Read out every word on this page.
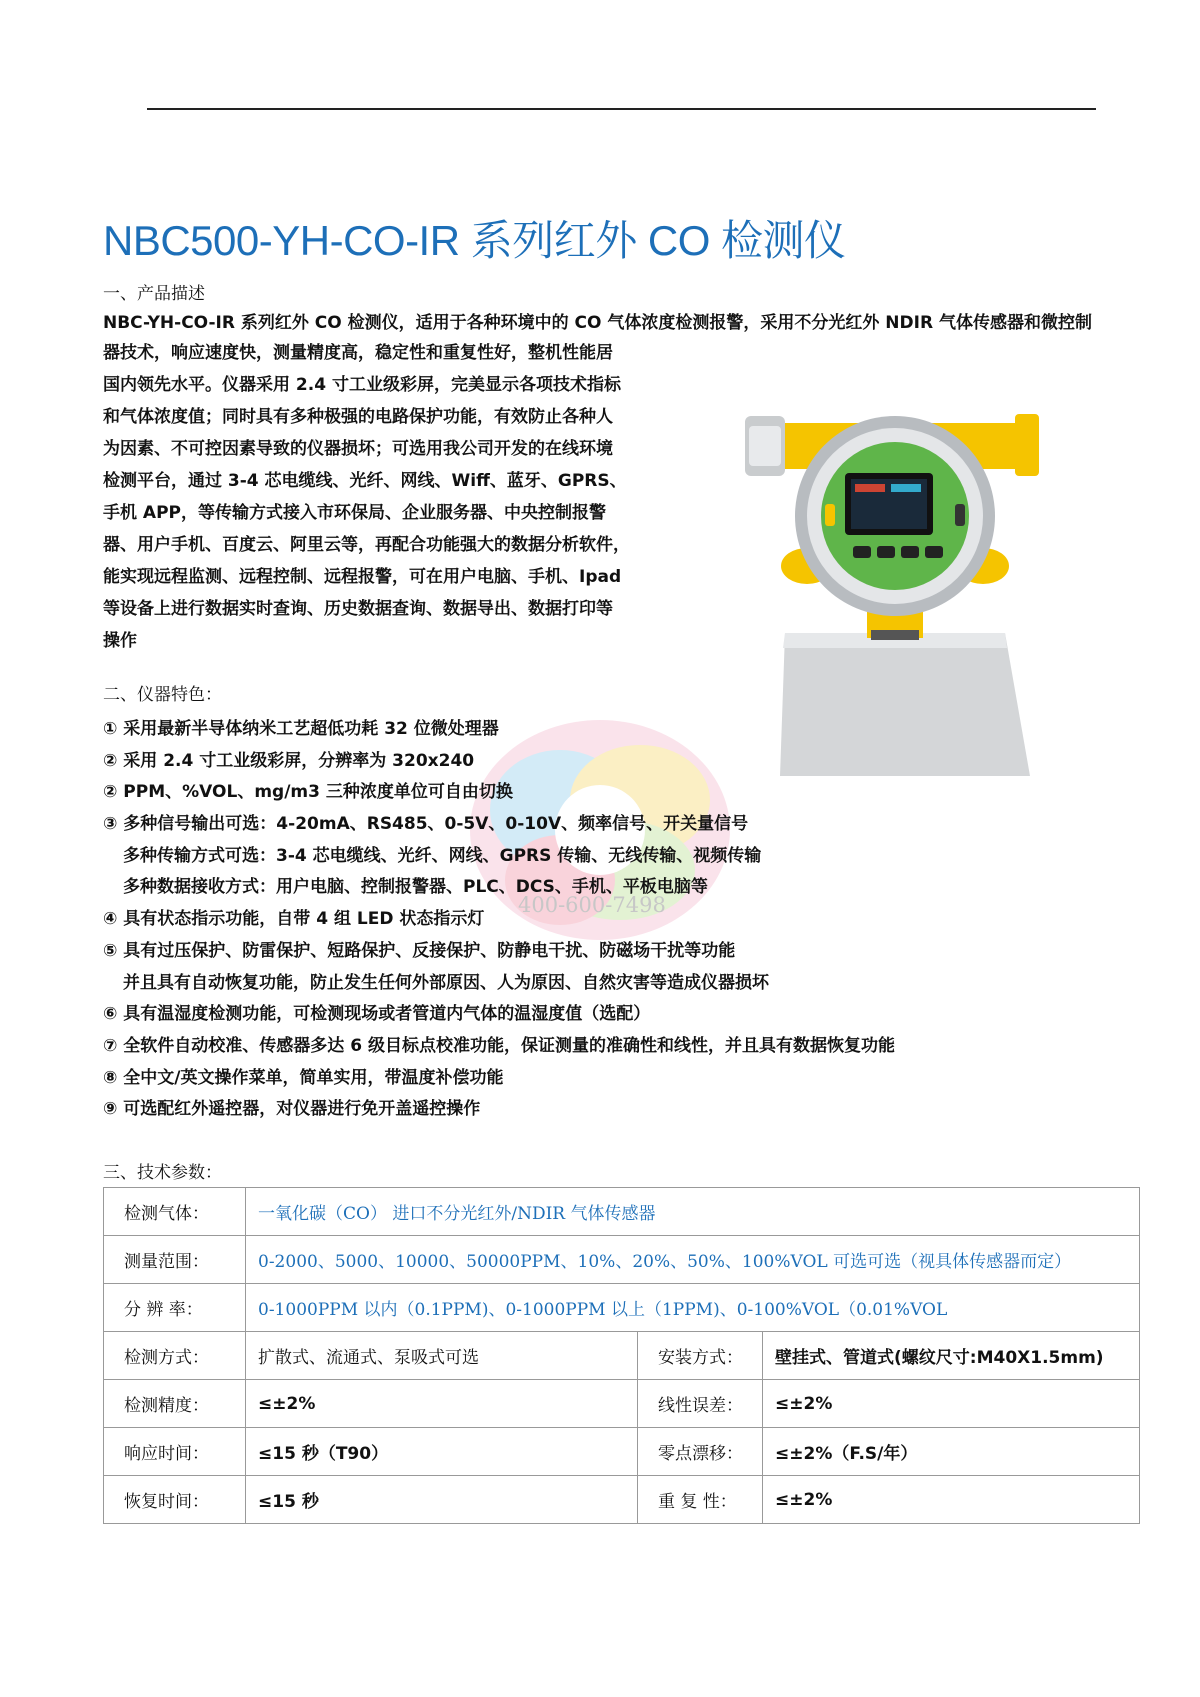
NBC500-YH-CO-IR 系列红外 CO 检测仪
一、产品描述
NBC-YH-CO-IR 系列红外 CO 检测仪，适用于各种环境中的 CO 气体浓度检测报警，采用不分光红外 NDIR 气体传感器和微控制
器技术，响应速度快，测量精度高，稳定性和重复性好，整机性能居
国内领先水平。仪器采用 2.4 寸工业级彩屏，完美显示各项技术指标
和气体浓度值；同时具有多种极强的电路保护功能，有效防止各种人
为因素、不可控因素导致的仪器损坏；可选用我公司开发的在线环境
检测平台，通过 3-4 芯电缆线、光纤、网线、Wiff、蓝牙、GPRS、
手机 APP，等传输方式接入市环保局、企业服务器、中央控制报警
器、用户手机、百度云、阿里云等，再配合功能强大的数据分析软件，
能实现远程监测、远程控制、远程报警，可在用户电脑、手机、Ipad
等设备上进行数据实时查询、历史数据查询、数据导出、数据打印等
操作
400-600-7498
二、仪器特色：
① 采用最新半导体纳米工艺超低功耗 32 位微处理器
② 采用 2.4 寸工业级彩屏，分辨率为 320x240
② PPM、%VOL、mg/m3 三种浓度单位可自由切换
③ 多种信号输出可选：4-20mA、RS485、0-5V、0-10V、频率信号、开关量信号
多种传输方式可选：3-4 芯电缆线、光纤、网线、GPRS 传输、无线传输、视频传输
多种数据接收方式：用户电脑、控制报警器、PLC、DCS、手机、平板电脑等
④ 具有状态指示功能，自带 4 组 LED 状态指示灯
⑤ 具有过压保护、防雷保护、短路保护、反接保护、防静电干扰、防磁场干扰等功能
并且具有自动恢复功能，防止发生任何外部原因、人为原因、自然灾害等造成仪器损坏
⑥ 具有温湿度检测功能，可检测现场或者管道内气体的温湿度值（选配）
⑦ 全软件自动校准、传感器多达 6 级目标点校准功能，保证测量的准确性和线性，并且具有数据恢复功能
⑧ 全中文/英文操作菜单，简单实用，带温度补偿功能
⑨ 可选配红外遥控器，对仪器进行免开盖遥控操作
三、技术参数：
检测气体：	一氧化碳（CO） 进口不分光红外/NDIR 气体传感器		
测量范围：	0-2000、5000、10000、50000PPM、10%、20%、50%、100%VOL 可选可选（视具体传感器而定）		
分 辨 率：	0-1000PPM 以内（0.1PPM)、0-1000PPM 以上（1PPM)、0-100%VOL（0.01%VOL		
检测方式：	扩散式、流通式、泵吸式可选	安装方式：	壁挂式、管道式(螺纹尺寸:M40X1.5mm)
检测精度：	≤±2%	线性误差：	≤±2%
响应时间：	≤15 秒（T90）	零点漂移：	≤±2%（F.S/年）
恢复时间：	≤15 秒	重 复 性：	≤±2%
